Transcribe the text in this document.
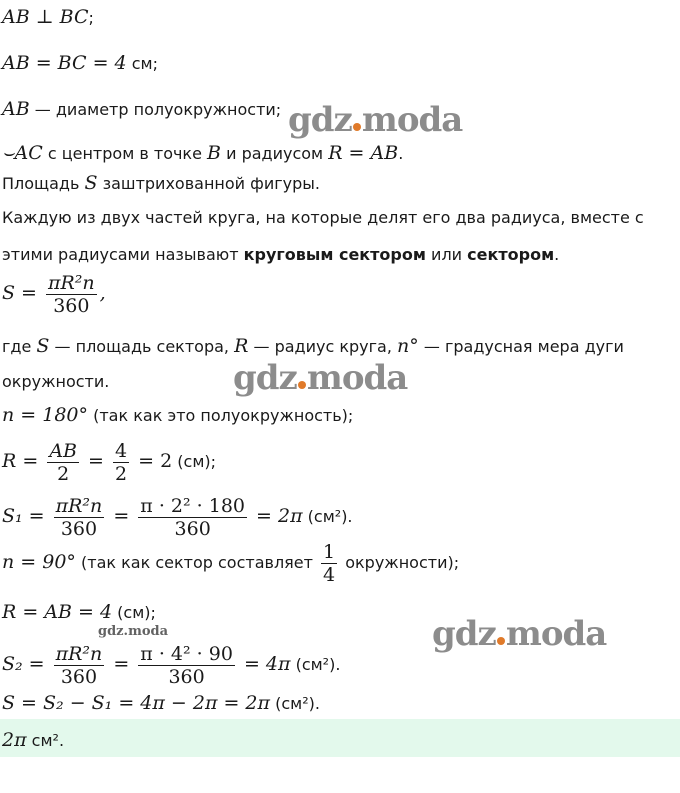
AB ⊥ BC;
AB = BC = 4 см;
AB — диаметр полуокружности;
⌣AC с центром в точке B и радиусом R = AB.
Площадь S заштрихованной фигуры.
Каждую из двух частей круга, на которые делят его два радиуса, вместе с
этими радиусами называют круговым сектором или сектором.
$S = \frac{\text{πR²n}}{360}$ ,
где S — площадь сектора, R — радиус круга, n° — градусная мера дуги
окружности.
n = 180° (так как это полуокружность);
$R = \frac{AB}{2} = \frac{4}{2} = 2$ (см);
$S_1 = \frac{\text{πR²n}}{360} = \frac{\text{π · 2² · 180}}{360} = 2\pi$ (см²).
n = 90° (так как сектор составляет $\frac{1}{4}$ окружности);
R = AB = 4 (см);
$S_2 = \frac{\text{πR²n}}{360} = \frac{\text{π · 4² · 90}}{360} = 4\pi$ (см²).
S = S₂ − S₁ = 4π − 2π = 2π (см²).
2π см².
gdz moda
gdz moda
gdz moda
gdz.moda
